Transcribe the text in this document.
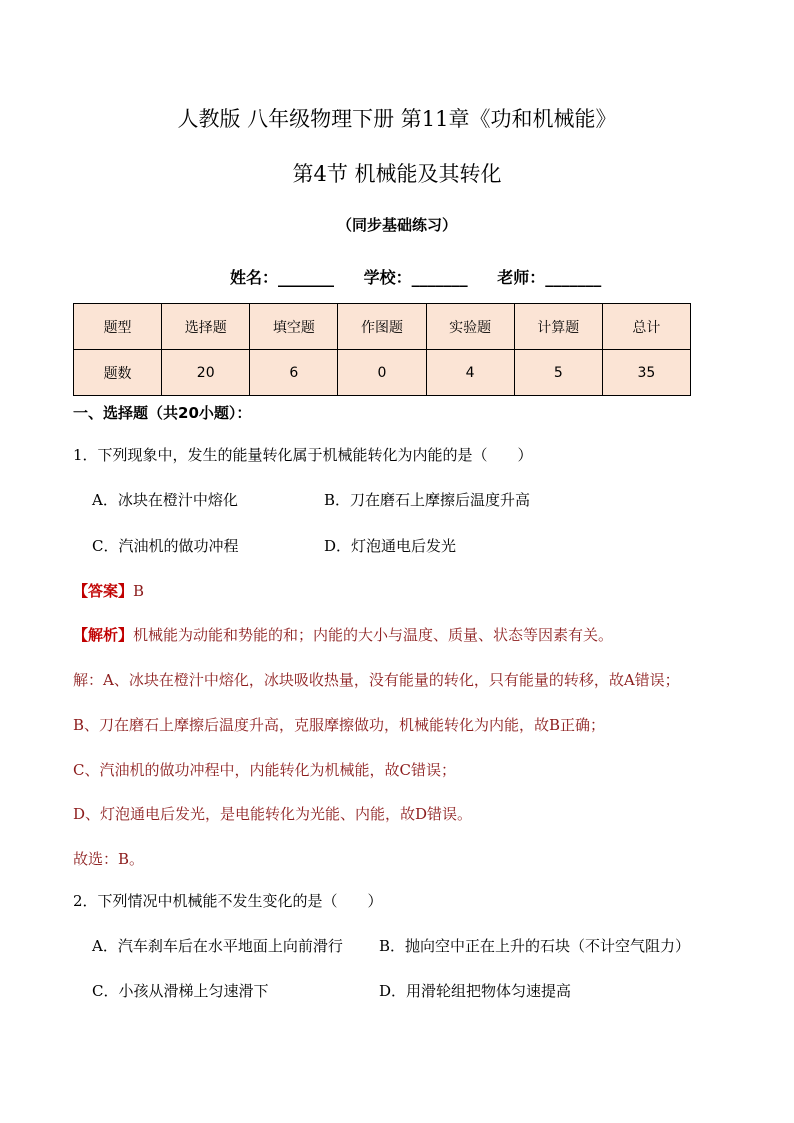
人教版 八年级物理下册 第11章《功和机械能》
第4节 机械能及其转化
（同步基础练习）
姓名：_______ 学校：_______ 老师：_______
题型	选择题	填空题	作图题	实验题	计算题	总计
题数	20	6	0	4	5	35
一、选择题（共20小题）：
1．下列现象中，发生的能量转化属于机械能转化为内能的是（　　）
A．冰块在橙汁中熔化	B．刀在磨石上摩擦后温度升高
C．汽油机的做功冲程	D．灯泡通电后发光
【答案】B
【解析】机械能为动能和势能的和；内能的大小与温度、质量、状态等因素有关。
解：A、冰块在橙汁中熔化，冰块吸收热量，没有能量的转化，只有能量的转移，故A错误；
B、刀在磨石上摩擦后温度升高，克服摩擦做功，机械能转化为内能，故B正确；
C、汽油机的做功冲程中，内能转化为机械能，故C错误；
D、灯泡通电后发光，是电能转化为光能、内能，故D错误。
故选：B。
2．下列情况中机械能不发生变化的是（　　）
A．汽车刹车后在水平地面上向前滑行 B．抛向空中正在上升的石块（不计空气阻力）
C．小孩从滑梯上匀速滑下	D．用滑轮组把物体匀速提高
